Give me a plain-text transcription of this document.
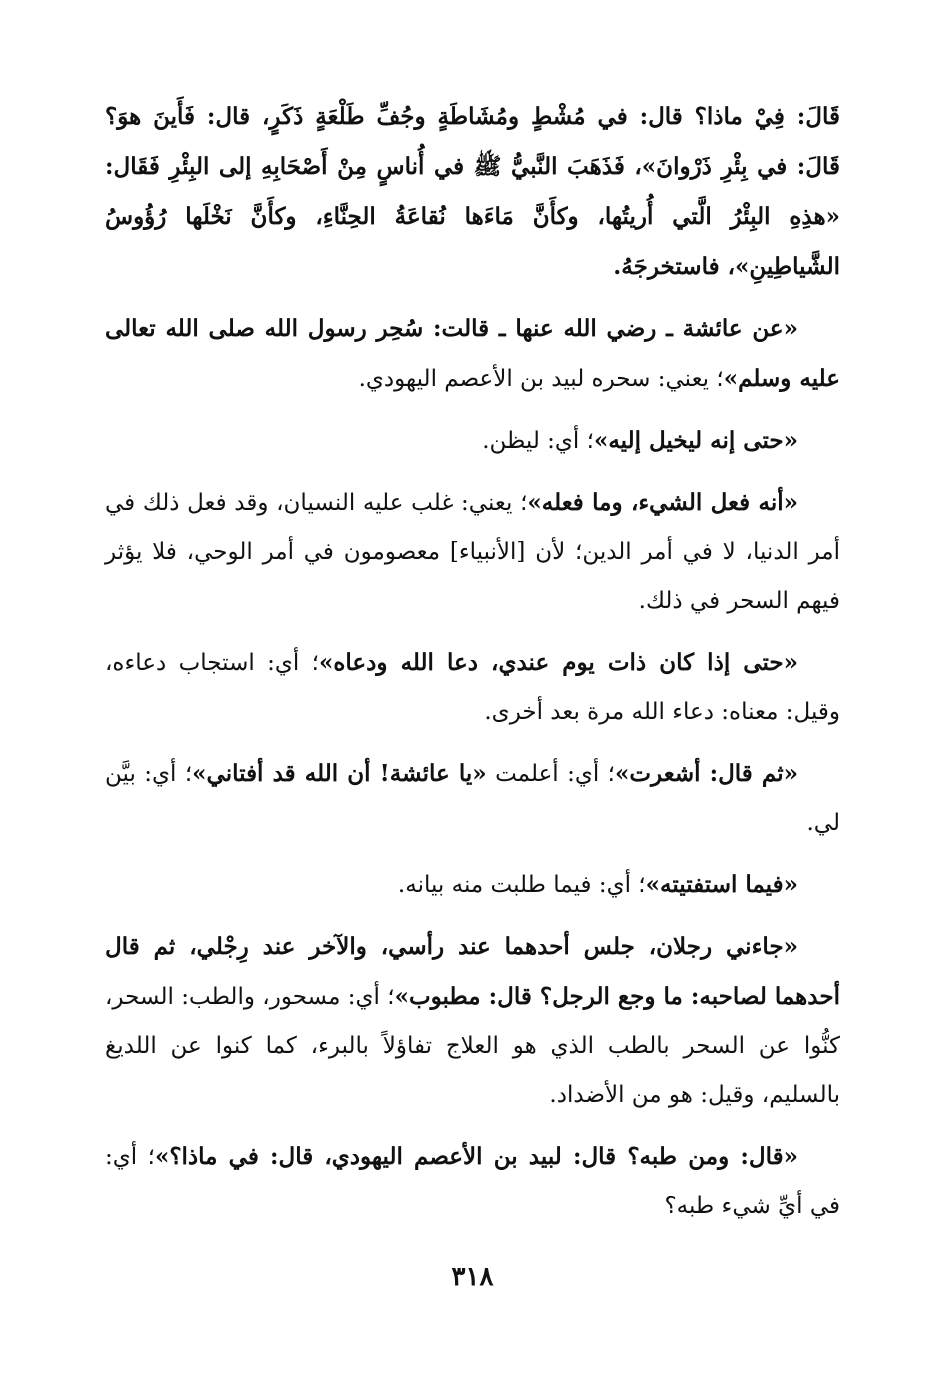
قَالَ: فِيْ ماذا؟ قال: في مُشْطٍ ومُشَاطَةٍ وجُفِّ طَلْعَةٍ ذَكَرٍ، قال: فَأَينَ هوَ؟ قَالَ: في بِئْرِ ذَرْوانَ»، فَذَهَبَ النَّبيُّ ﷺ في أُناسٍ مِنْ أَصْحَابِهِ إلى البِئْرِ فَقَال: «هذِهِ البِئْرُ الَّتي أُريتُها، وكأَنَّ مَاءَها نُقاعَةُ الحِنَّاءِ، وكأَنَّ نَخْلَها رُؤُوسُ الشَّياطِينِ»، فاستخرجَهُ.

«عن عائشة ـ رضي الله عنها ـ قالت: سُحِر رسول الله صلى الله تعالى عليه وسلم»؛ يعني: سحره لبيد بن الأعصم اليهودي.

«حتى إنه ليخيل إليه»؛ أي: ليظن.

«أنه فعل الشيء، وما فعله»؛ يعني: غلب عليه النسيان، وقد فعل ذلك في أمر الدنيا، لا في أمر الدين؛ لأن [الأنبياء] معصومون في أمر الوحي، فلا يؤثر فيهم السحر في ذلك.

«حتى إذا كان ذات يوم عندي، دعا الله ودعاه»؛ أي: استجاب دعاءه، وقيل: معناه: دعاء الله مرة بعد أخرى.

«ثم قال: أشعرت»؛ أي: أعلمت «يا عائشة! أن الله قد أفتاني»؛ أي: بيَّن لي.

«فيما استفتيته»؛ أي: فيما طلبت منه بيانه.

«جاءني رجلان، جلس أحدهما عند رأسي، والآخر عند رِجْلي، ثم قال أحدهما لصاحبه: ما وجع الرجل؟ قال: مطبوب»؛ أي: مسحور، والطب: السحر، كنُّوا عن السحر بالطب الذي هو العلاج تفاؤلاً بالبرء، كما كنوا عن اللديغ بالسليم، وقيل: هو من الأضداد.

«قال: ومن طبه؟ قال: لبيد بن الأعصم اليهودي، قال: في ماذا؟»؛ أي: في أيِّ شيء طبه؟

٣١٨
